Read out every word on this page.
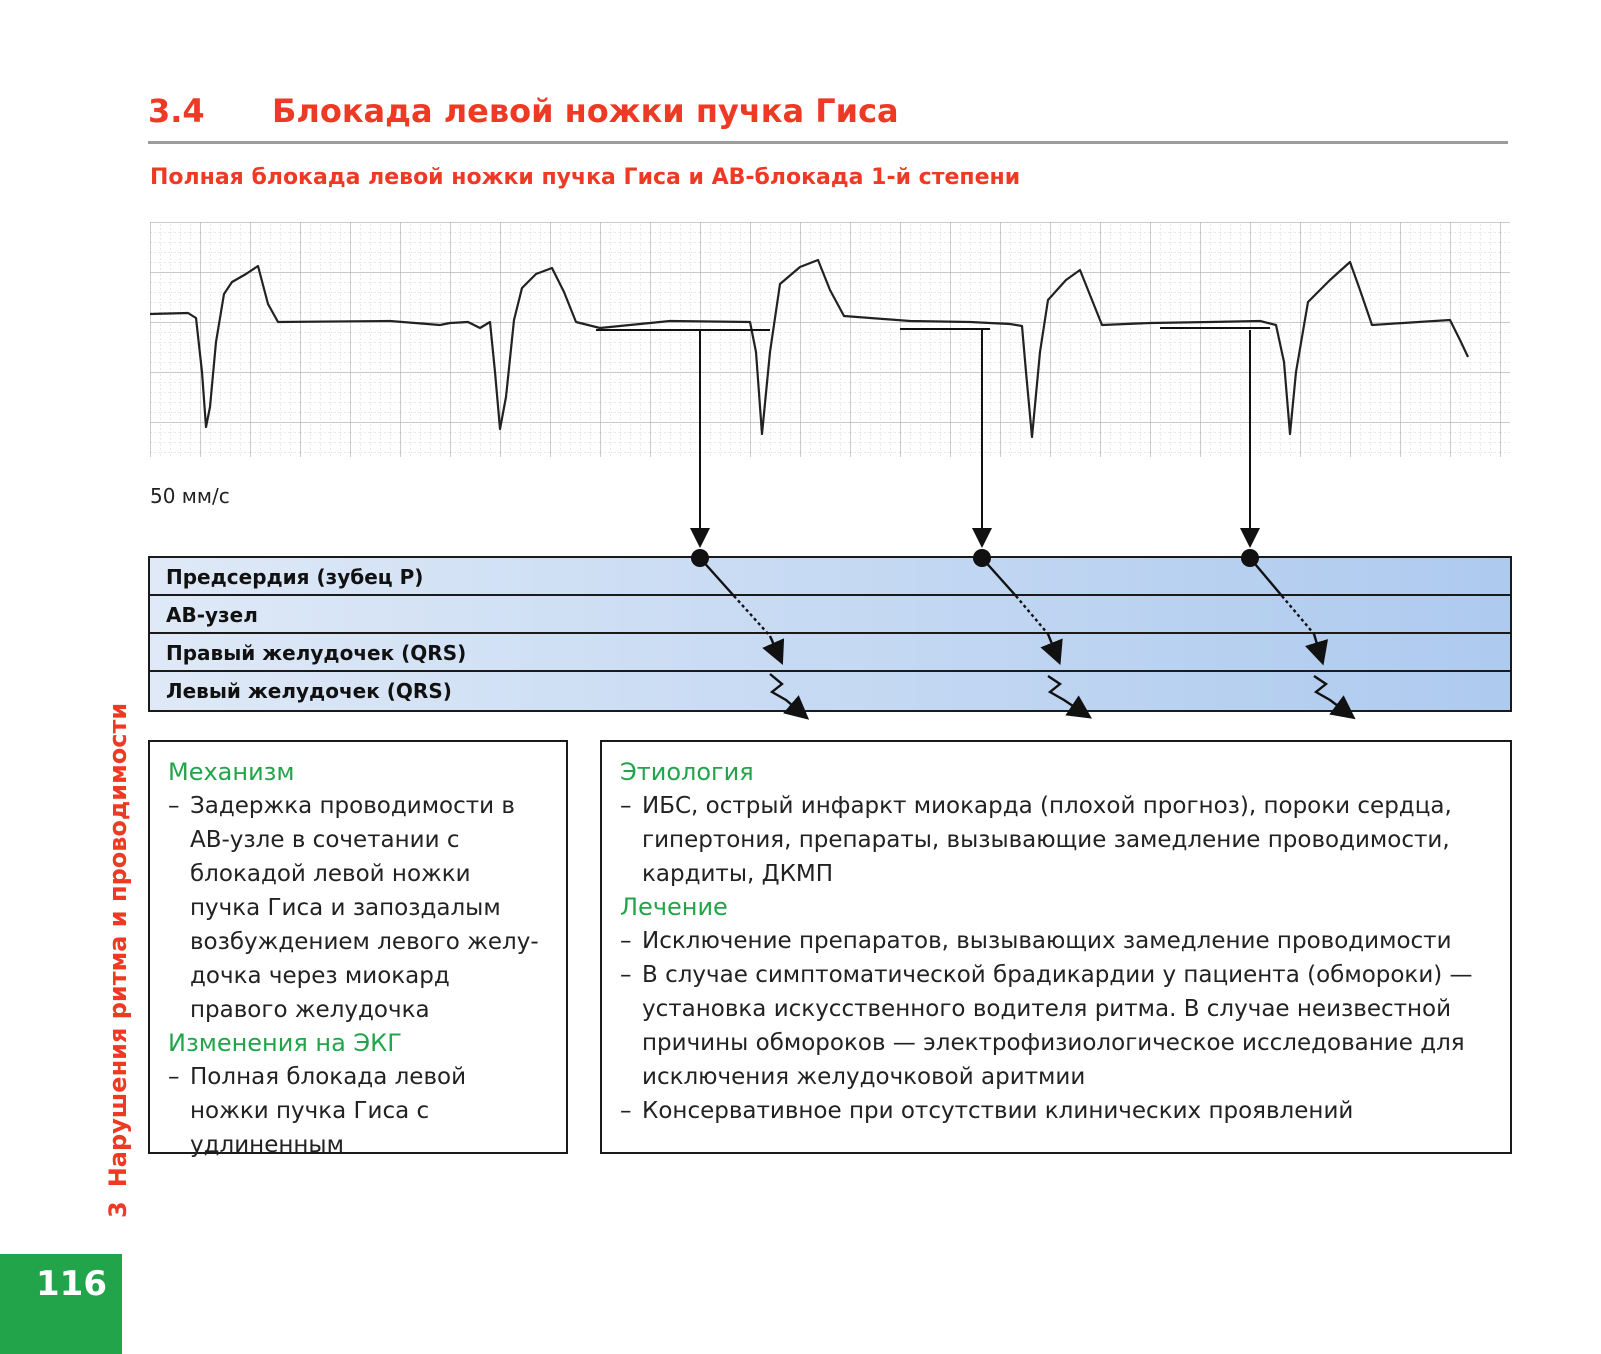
3.4 Блокада левой ножки пучка Гиса
Полная блокада левой ножки пучка Гиса и АВ-блокада 1-й степени
50 мм/с
Предсердия (зубец P)
АВ-узел
Правый желудочек (QRS)
Левый желудочек (QRS)
Механизм
– Задержка проводимости в АВ-узле в сочетании с блокадой левой ножки пучка Гиса и запоздалым возбуждением левого желу-дочка через миокард правого желудочка
Изменения на ЭКГ
– Полная блокада левой ножки пучка Гиса с удлиненным
Этиология
– ИБС, острый инфаркт миокарда (плохой прогноз), пороки сердца, гипертония, препараты, вызывающие замедление проводимости, кардиты, ДКМП
Лечение
– Исключение препаратов, вызывающих замедление проводимости
– В случае симптоматической брадикардии у пациента (обмороки) — установка искусственного водителя ритма. В случае неизвестной причины обмороков — электрофизиологическое исследование для исключения желудочковой аритмии
– Консервативное при отсутствии клинических проявлений
3Нарушения ритма и проводимости
116
